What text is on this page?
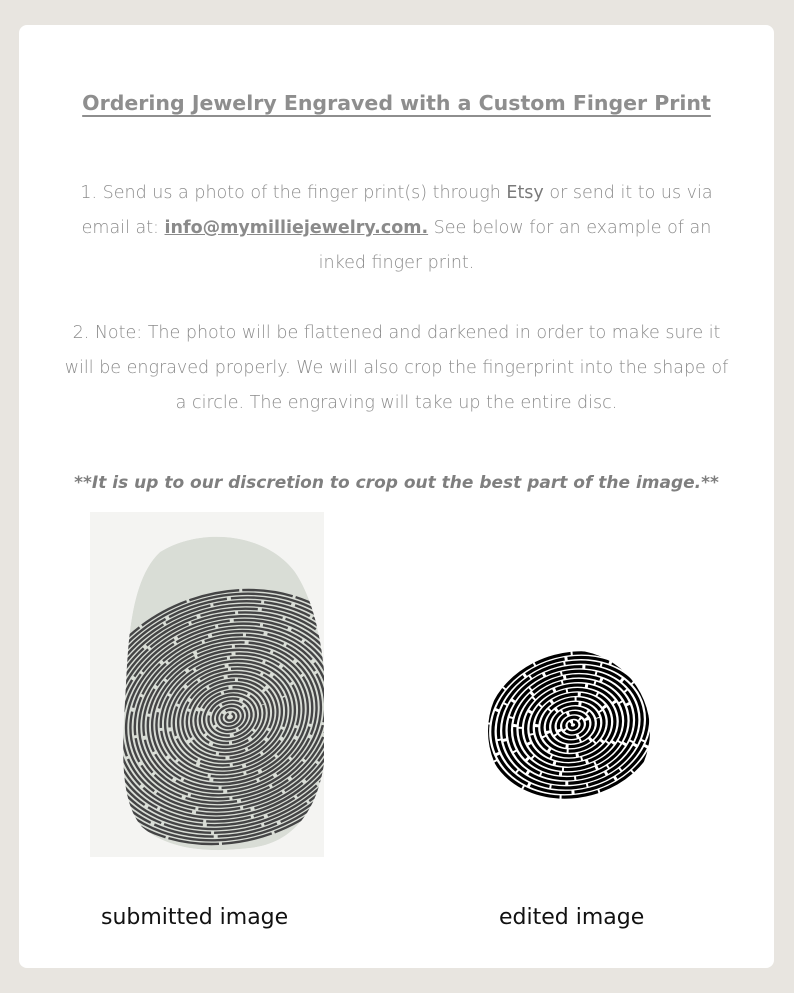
Ordering Jewelry Engraved with a Custom Finger Print

1. Send us a photo of the finger print(s) through Etsy or send it to us via email at: info@mymilliejewelry.com. See below for an example of an inked finger print.

2. Note: The photo will be flattened and darkened in order to make sure it will be engraved properly. We will also crop the fingerprint into the shape of a circle. The engraving will take up the entire disc.

**It is up to our discretion to crop out the best part of the image.**

submitted image	edited image
